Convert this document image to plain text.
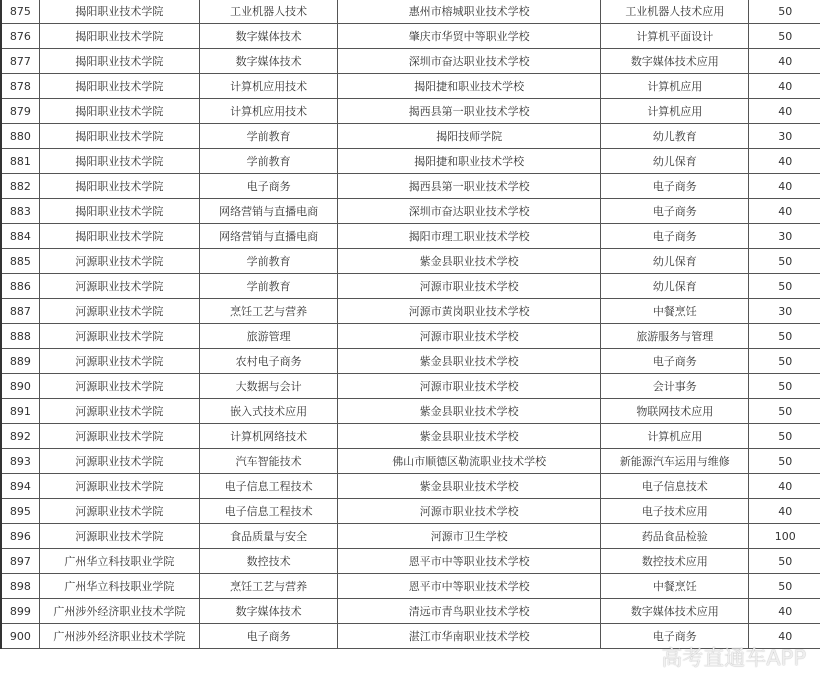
875	揭阳职业技术学院	工业机器人技术	惠州市榕城职业技术学校	工业机器人技术应用	50
876	揭阳职业技术学院	数字媒体技术	肇庆市华贸中等职业学校	计算机平面设计	50
877	揭阳职业技术学院	数字媒体技术	深圳市奋达职业技术学校	数字媒体技术应用	40
878	揭阳职业技术学院	计算机应用技术	揭阳捷和职业技术学校	计算机应用	40
879	揭阳职业技术学院	计算机应用技术	揭西县第一职业技术学校	计算机应用	40
880	揭阳职业技术学院	学前教育	揭阳技师学院	幼儿教育	30
881	揭阳职业技术学院	学前教育	揭阳捷和职业技术学校	幼儿保育	40
882	揭阳职业技术学院	电子商务	揭西县第一职业技术学校	电子商务	40
883	揭阳职业技术学院	网络营销与直播电商	深圳市奋达职业技术学校	电子商务	40
884	揭阳职业技术学院	网络营销与直播电商	揭阳市理工职业技术学校	电子商务	30
885	河源职业技术学院	学前教育	紫金县职业技术学校	幼儿保育	50
886	河源职业技术学院	学前教育	河源市职业技术学校	幼儿保育	50
887	河源职业技术学院	烹饪工艺与营养	河源市黄岗职业技术学校	中餐烹饪	30
888	河源职业技术学院	旅游管理	河源市职业技术学校	旅游服务与管理	50
889	河源职业技术学院	农村电子商务	紫金县职业技术学校	电子商务	50
890	河源职业技术学院	大数据与会计	河源市职业技术学校	会计事务	50
891	河源职业技术学院	嵌入式技术应用	紫金县职业技术学校	物联网技术应用	50
892	河源职业技术学院	计算机网络技术	紫金县职业技术学校	计算机应用	50
893	河源职业技术学院	汽车智能技术	佛山市顺德区勒流职业技术学校	新能源汽车运用与维修	50
894	河源职业技术学院	电子信息工程技术	紫金县职业技术学校	电子信息技术	40
895	河源职业技术学院	电子信息工程技术	河源市职业技术学校	电子技术应用	40
896	河源职业技术学院	食品质量与安全	河源市卫生学校	药品食品检验	100
897	广州华立科技职业学院	数控技术	恩平市中等职业技术学校	数控技术应用	50
898	广州华立科技职业学院	烹饪工艺与营养	恩平市中等职业技术学校	中餐烹饪	50
899	广州涉外经济职业技术学院	数字媒体技术	清远市青鸟职业技术学校	数字媒体技术应用	40
900	广州涉外经济职业技术学院	电子商务	湛江市华南职业技术学校	电子商务	40
高考直通车APP
